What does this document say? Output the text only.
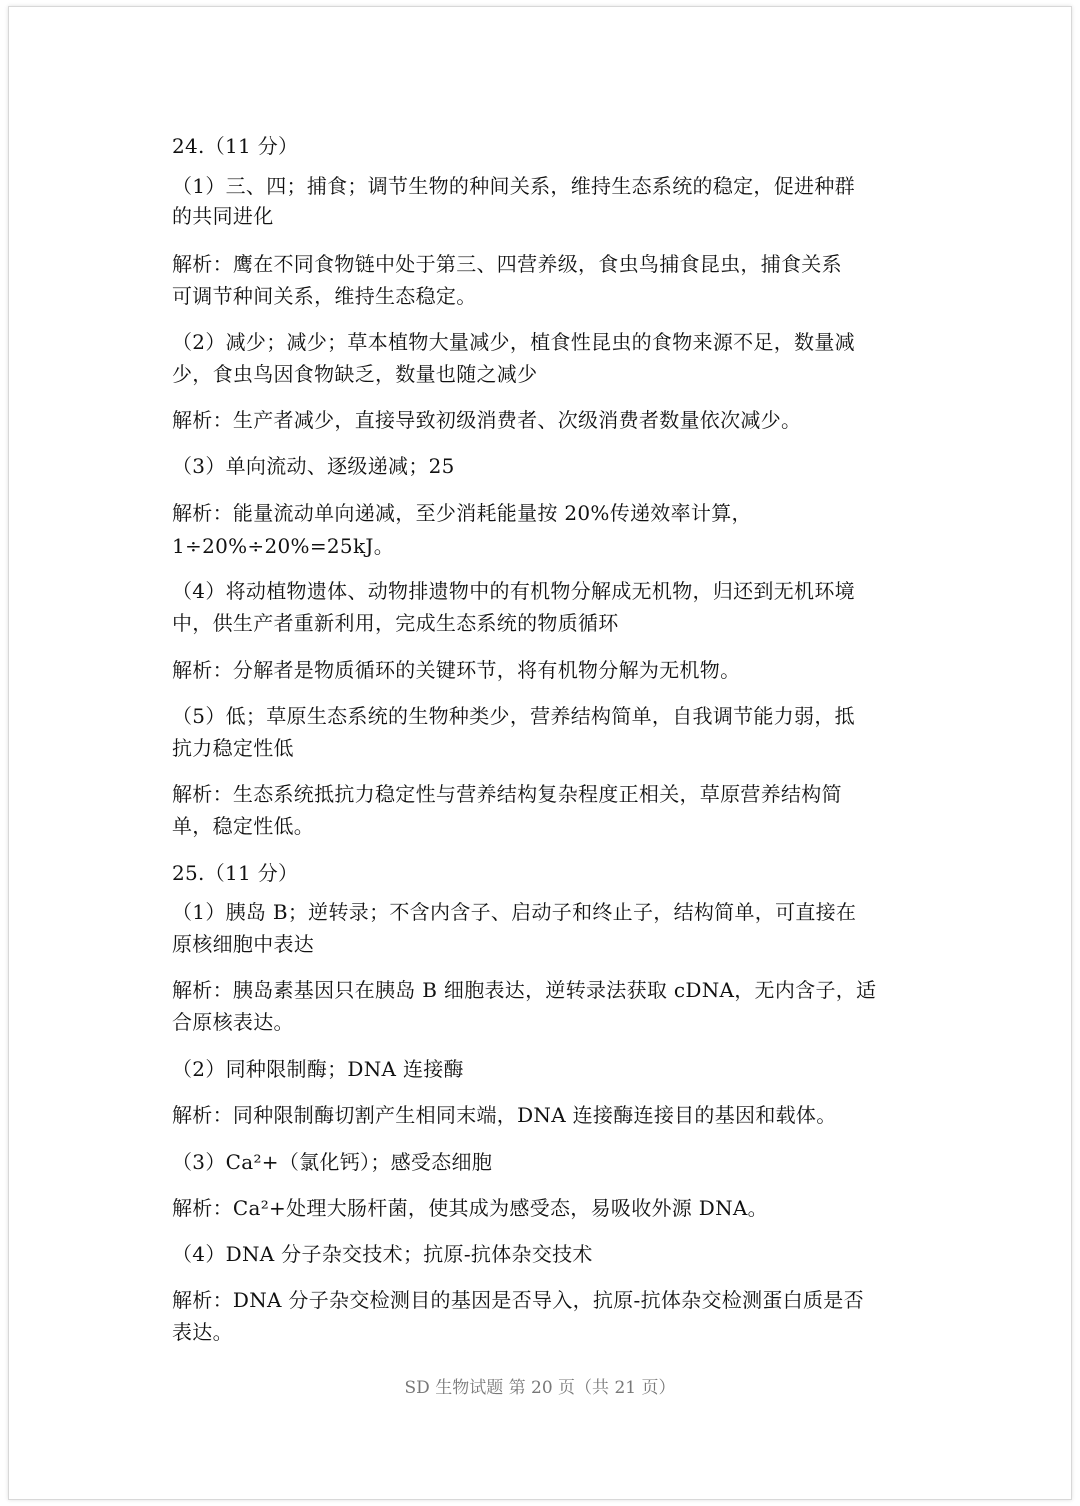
24.（11 分）
（1）三、四；捕食；调节生物的种间关系，维持生态系统的稳定，促进种群
的共同进化
解析：鹰在不同食物链中处于第三、四营养级，食虫鸟捕食昆虫，捕食关系
可调节种间关系，维持生态稳定。
（2）减少；减少；草本植物大量减少，植食性昆虫的食物来源不足，数量减
少，食虫鸟因食物缺乏，数量也随之减少
解析：生产者减少，直接导致初级消费者、次级消费者数量依次减少。
（3）单向流动、逐级递减；25
解析：能量流动单向递减，至少消耗能量按 20%传递效率计算，
1÷20%÷20%=25kJ。
（4）将动植物遗体、动物排遗物中的有机物分解成无机物，归还到无机环境
中，供生产者重新利用，完成生态系统的物质循环
解析：分解者是物质循环的关键环节，将有机物分解为无机物。
（5）低；草原生态系统的生物种类少，营养结构简单，自我调节能力弱，抵
抗力稳定性低
解析：生态系统抵抗力稳定性与营养结构复杂程度正相关，草原营养结构简
单，稳定性低。
25.（11 分）
（1）胰岛 B；逆转录；不含内含子、启动子和终止子，结构简单，可直接在
原核细胞中表达
解析：胰岛素基因只在胰岛 B 细胞表达，逆转录法获取 cDNA，无内含子，适
合原核表达。
（2）同种限制酶；DNA 连接酶
解析：同种限制酶切割产生相同末端，DNA 连接酶连接目的基因和载体。
（3）Ca²+（氯化钙）；感受态细胞
解析：Ca²+处理大肠杆菌，使其成为感受态，易吸收外源 DNA。
（4）DNA 分子杂交技术；抗原-抗体杂交技术
解析：DNA 分子杂交检测目的基因是否导入，抗原-抗体杂交检测蛋白质是否
表达。
SD 生物试题 第 20 页（共 21 页）
